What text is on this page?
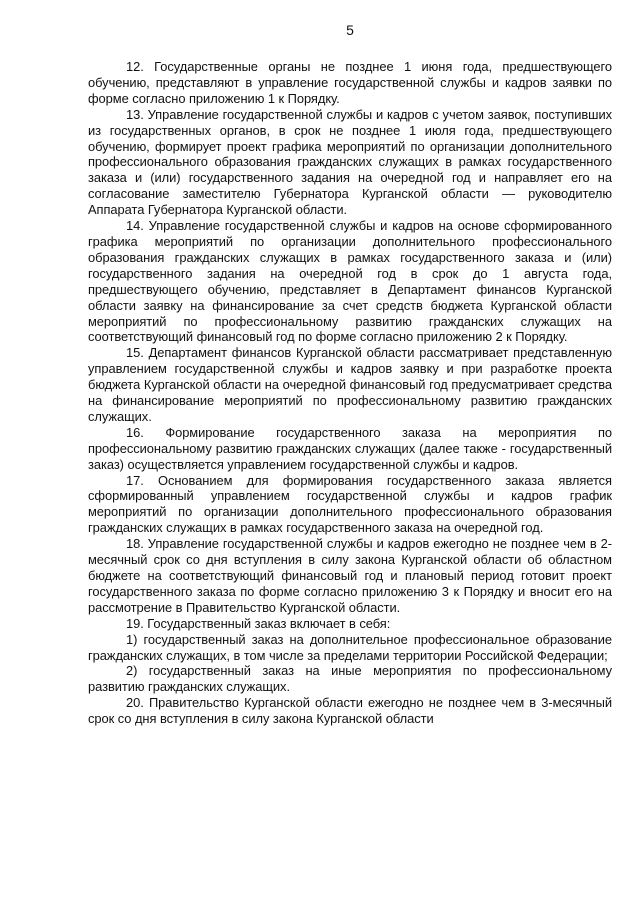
5

12. Государственные органы не позднее 1 июня года, предшествующего обучению, представляют в управление государственной службы и кадров заявки по форме согласно приложению 1 к Порядку.

13. Управление государственной службы и кадров с учетом заявок, поступивших из государственных органов, в срок не позднее 1 июля года, предшествующего обучению, формирует проект графика мероприятий по организации дополнительного профессионального образования гражданских служащих в рамках государственного заказа и (или) государственного задания на очередной год и направляет его на согласование заместителю Губернатора Курганской области — руководителю Аппарата Губернатора Курганской области.

14. Управление государственной службы и кадров на основе сформированного графика мероприятий по организации дополнительного профессионального образования гражданских служащих в рамках государственного заказа и (или) государственного задания на очередной год в срок до 1 августа года, предшествующего обучению, представляет в Департамент финансов Курганской области заявку на финансирование за счет средств бюджета Курганской области мероприятий по профессиональному развитию гражданских служащих на соответствующий финансовый год по форме согласно приложению 2 к Порядку.

15. Департамент финансов Курганской области рассматривает представленную управлением государственной службы и кадров заявку и при разработке проекта бюджета Курганской области на очередной финансовый год предусматривает средства на финансирование мероприятий по профессиональному развитию гражданских служащих.

16. Формирование государственного заказа на мероприятия по профессиональному развитию гражданских служащих (далее также - государственный заказ) осуществляется управлением государственной службы и кадров.

17. Основанием для формирования государственного заказа является сформированный управлением государственной службы и кадров график мероприятий по организации дополнительного профессионального образования гражданских служащих в рамках государственного заказа на очередной год.

18. Управление государственной службы и кадров ежегодно не позднее чем в 2-месячный срок со дня вступления в силу закона Курганской области об областном бюджете на соответствующий финансовый год и плановый период готовит проект государственного заказа по форме согласно приложению 3 к Порядку и вносит его на рассмотрение в Правительство Курганской области.

19. Государственный заказ включает в себя:

1) государственный заказ на дополнительное профессиональное образование гражданских служащих, в том числе за пределами территории Российской Федерации;

2) государственный заказ на иные мероприятия по профессиональному развитию гражданских служащих.

20. Правительство Курганской области ежегодно не позднее чем в 3-месячный срок со дня вступления в силу закона Курганской области
